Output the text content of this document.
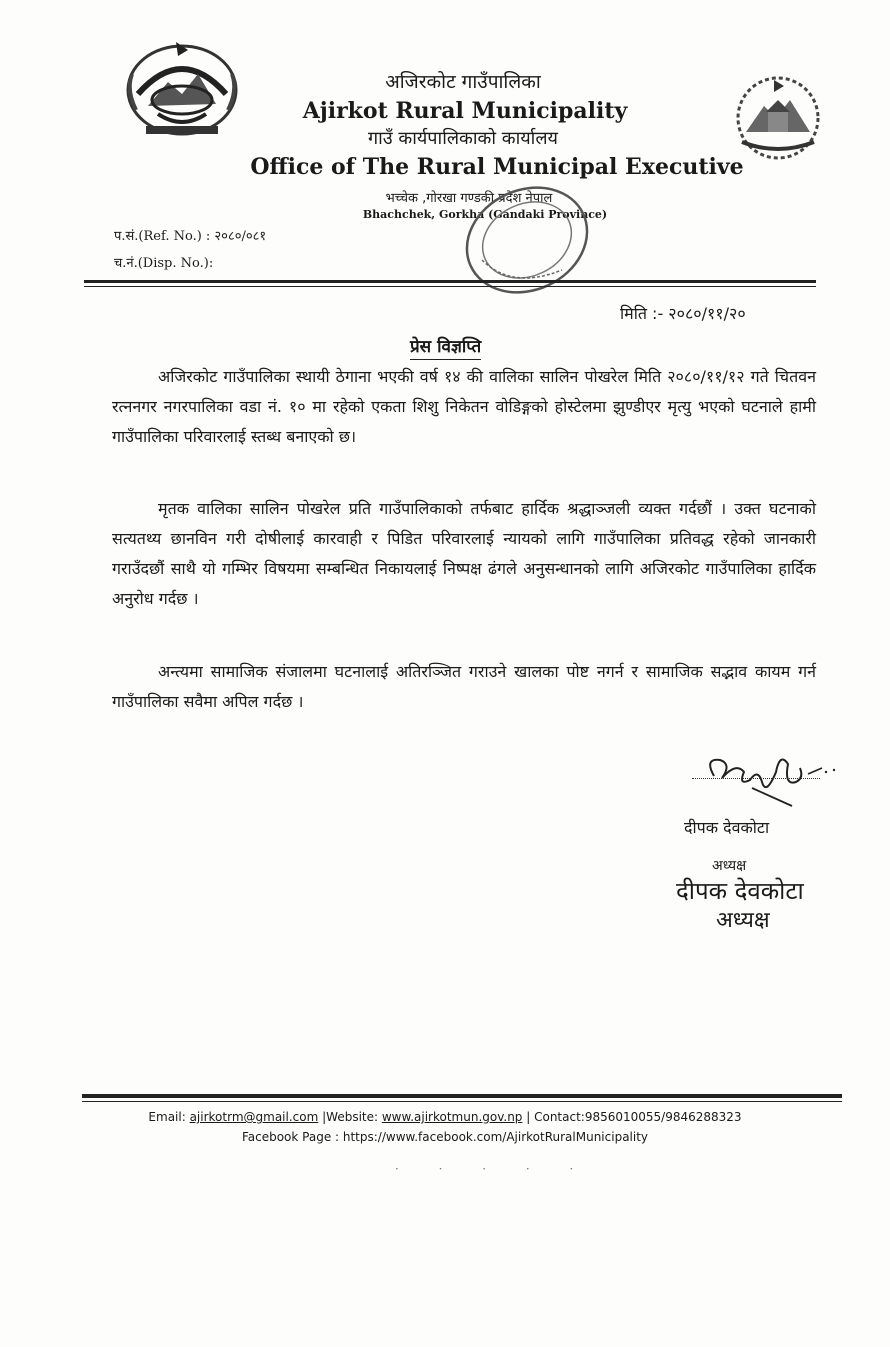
अजिरकोट गाउँपालिका
Ajirkot Rural Municipality
गाउँ कार्यपालिकाको कार्यालय
Office of The Rural Municipal Executive
भच्चेक ,गोरखा गण्डकी प्रदेश नेपाल
Bhachchek, Gorkha (Gandaki Province)
प.सं.(Ref. No.) : २०८०/०८१
च.नं.(Disp. No.):
मिति :- २०८०/११/२०
प्रेस विज्ञप्ति

अजिरकोट गाउँपालिका स्थायी ठेगाना भएकी वर्ष १४ की वालिका सालिन पोखरेल मिति २०८०/११/१२ गते चितवन रत्ननगर नगरपालिका वडा नं. १० मा रहेको एकता शिशु निकेतन वोडिङ्गको होस्टेलमा झुण्डीएर मृत्यु भएको घटनाले हामी गाउँपालिका परिवारलाई स्तब्ध बनाएको छ।

मृतक वालिका सालिन पोखरेल प्रति गाउँपालिकाको तर्फबाट हार्दिक श्रद्धाञ्जली व्यक्त गर्दछौं । उक्त घटनाको सत्यतथ्य छानविन गरी दोषीलाई कारवाही र पिडित परिवारलाई न्यायको लागि गाउँपालिका प्रतिवद्ध रहेको जानकारी गराउँदछौं साथै यो गम्भिर विषयमा सम्बन्धित निकायलाई निष्पक्ष ढंगले अनुसन्धानको लागि अजिरकोट गाउँपालिका हार्दिक अनुरोध गर्दछ ।

अन्त्यमा सामाजिक संजालमा घटनालाई अतिरञ्जित गराउने खालका पोष्ट नगर्न र सामाजिक सद्भाव कायम गर्न गाउँपालिका सवैमा अपिल गर्दछ ।

दीपक देवकोटा
अध्यक्ष
दीपक देवकोटा
अध्यक्ष
Email: ajirkotrm@gmail.com |Website: www.ajirkotmun.gov.np | Contact:9856010055/9846288323
Facebook Page : https://www.facebook.com/AjirkotRuralMunicipality
· · · · ·
